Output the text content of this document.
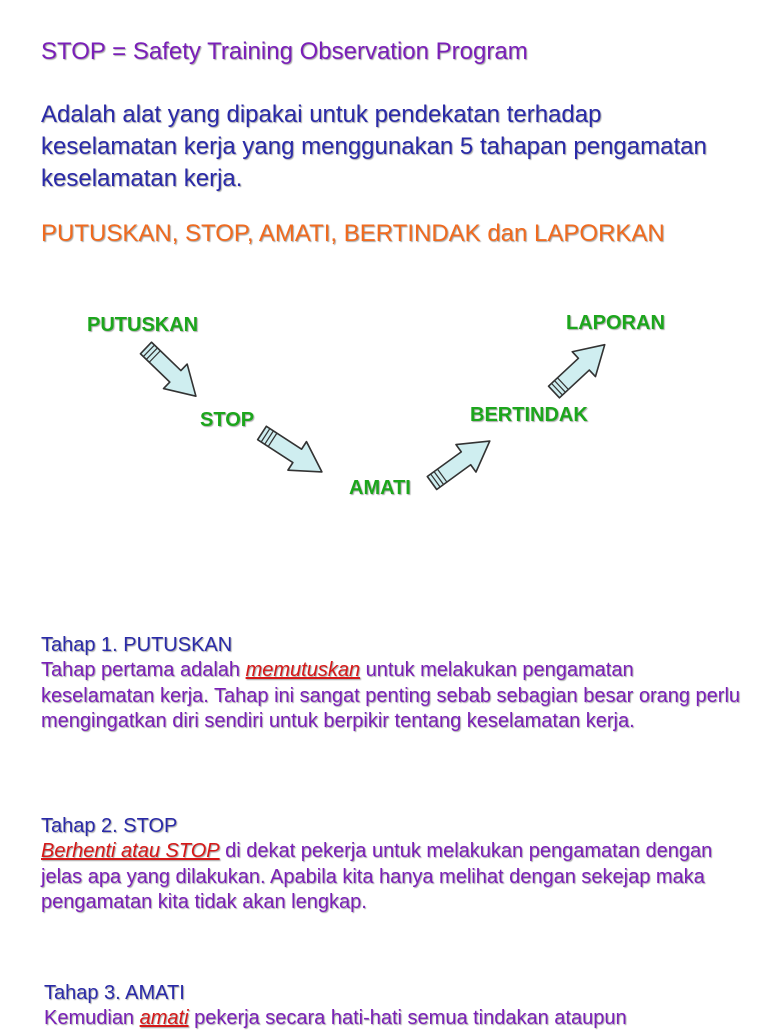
STOP = Safety Training Observation Program

Adalah alat yang dipakai untuk pendekatan terhadap keselamatan kerja yang menggunakan 5 tahapan pengamatan keselamatan kerja.

PUTUSKAN, STOP, AMATI, BERTINDAK dan LAPORKAN

PUTUSKAN
STOP
AMATI
BERTINDAK
LAPORAN
Tahap 1. PUTUSKAN

Tahap pertama adalah memutuskan untuk melakukan pengamatan keselamatan kerja. Tahap ini sangat penting sebab sebagian besar orang perlu mengingatkan diri sendiri untuk berpikir tentang keselamatan kerja.

Tahap 2. STOP

Berhenti atau STOP di dekat pekerja untuk melakukan pengamatan dengan jelas apa yang dilakukan. Apabila kita hanya melihat dengan sekejap maka pengamatan kita tidak akan lengkap.

Tahap 3. AMATI

Kemudian amati pekerja secara hati-hati semua tindakan ataupun
